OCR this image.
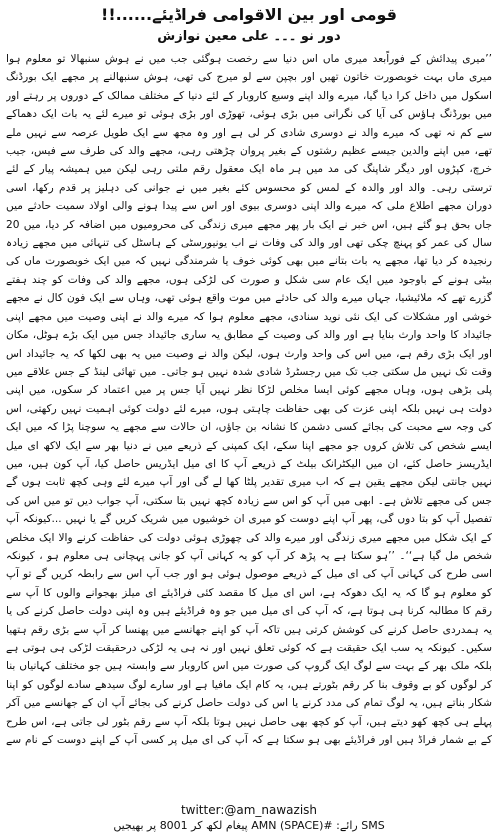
قومی اور بین الاقوامی فراڈیئے......!!
دور نو ۔۔۔ علی معین نوازش

’’میری پیدائش کے فوراًبعد میری ماں اس دنیا سے رخصت ہوگئی جب میں نے ہوش سنبھالا تو معلوم ہوا میری ماں بہت خوبصورت خاتون تھیں اور بچپن سے لو میرج کی تھی، ہوش سنبھالنے پر مجھے ایک بورڈنگ اسکول میں داخل کرا دیا گیا، میرے والد اپنے وسیع کاروبار کے لئے دنیا کے مختلف ممالک کے دوروں پر رہتے اور میں بورڈنگ ہاؤس کی آیا کی نگرانی میں بڑی ہوئی، تھوڑی اور بڑی ہوئی تو میرے لئے یہ بات ایک دھماکے سے کم نہ تھی کہ میرے والد نے دوسری شادی کر لی ہے اور وہ مجھ سے ایک طویل عرصہ سے نہیں ملے تھے، میں اپنے والدین جیسے عظیم رشتوں کے بغیر پروان چڑھتی رہی، مجھے والد کی طرف سے فیس، جیب خرچ، کپڑوں اور دیگر شاپنگ کی مد میں ہر ماہ ایک معقول رقم ملتی رہی لیکن میں ہمیشہ پیار کے لئے ترستی رہی۔ والد اور والدہ کے لمس کو محسوس کئے بغیر میں نے جوانی کی دہلیز پر قدم رکھا، اسی دوران مجھے اطلاع ملی کہ میرے والد اپنی دوسری بیوی اور اس سے پیدا ہونے والی اولاد سمیت حادثے میں جاں بحق ہو گئے ہیں، اس خبر نے ایک بار پھر مجھے میری زندگی کی محرومیوں میں اضافہ کر دیا، میں 20 سال کی عمر کو پہنچ چکی تھی اور والد کی وفات نے اب یونیورسٹی کے ہاسٹل کی تنہائی میں مجھے زیادہ رنجیدہ کر دیا تھا، مجھے یہ بات بتانے میں بھی کوئی خوف یا شرمندگی نہیں کہ میں ایک خوبصورت ماں کی بیٹی ہونے کے باوجود میں ایک عام سی شکل و صورت کی لڑکی ہوں، مجھے والد کی وفات کو چند ہفتے گزرے تھے کہ ملائیشیا، جہاں میرے والد کی حادثے میں موت واقع ہوئی تھی، وہاں سے ایک فون کال نے مجھے خوشی اور مشکلات کی ایک نئی نوید سنادی، مجھے معلوم ہوا کہ میرے والد نے اپنی وصیت میں مجھے اپنی جائیداد کا واحد وارث بنایا ہے اور والد کی وصیت کے مطابق یہ ساری جائیداد جس میں ایک بڑے ہوٹل، مکان اور ایک بڑی رقم ہے، میں اس کی واحد وارث ہوں، لیکن والد نے وصیت میں یہ بھی لکھا کہ یہ جائیداد اس وقت تک نہیں مل سکتی جب تک میں رجسٹرڈ شادی شدہ نہیں ہو جاتی۔ میں تھائی لینڈ کے جس علاقے میں پلی بڑھی ہوں، وہاں مجھے کوئی ایسا مخلص لڑکا نظر نہیں آیا جس پر میں اعتماد کر سکوں، میں اپنی دولت ہی نہیں بلکہ اپنی عزت کی بھی حفاظت چاہتی ہوں، میرے لئے دولت کوئی اہمیت نہیں رکھتی، اس کی وجہ سے محبت کی بجائے کسی دشمن کا نشانہ بن جاؤں، ان حالات سے مجھے یہ سوچنا پڑا کہ میں ایک ایسے شخص کی تلاش کروں جو مجھے اپنا سکے، ایک کمپنی کے ذریعے میں نے دنیا بھر سے ایک لاکھ ای میل ایڈریسز حاصل کئے، ان میں الیکٹرانک بیلٹ کے ذریعے آپ کا ای میل ایڈریس حاصل کیا، آپ کون ہیں، میں نہیں جانتی لیکن مجھے یقین ہے کہ اب میری تقدیر پلٹا کھا لے گی اور آپ میرے لئے وہی کچھ ثابت ہوں گے جس کی مجھے تلاش ہے۔ ابھی میں آپ کو اس سے زیادہ کچھ نہیں بتا سکتی، آپ جواب دیں تو میں اس کی تفصیل آپ کو بتا دوں گی، پھر آپ اپنے دوست کو میری ان خوشیوں میں شریک کریں گے یا نہیں ...کیونکہ آپ کے ایک شکل میں مجھے میری زندگی اور میرے والد کی چھوڑی ہوئی دولت کی حفاظت کرنے والا ایک مخلص شخص مل گیا ہے‘‘۔ ’’ہو سکتا ہے یہ پڑھ کر آپ کو یہ کہانی آپ کو جانی پہچانی ہی معلوم ہو ، کیونکہ اسی طرح کی کہانی آپ کی ای میل کے ذریعے موصول ہوئی ہو اور جب آپ اس سے رابطہ کریں گے تو آپ کو معلوم ہو گا کہ یہ ایک دھوکہ ہے، اس ای میل کا مقصد کئی فراڈیئے ای میلز بھجوانے والوں کا آپ سے رقم کا مطالبہ کرنا ہی ہوتا ہے، کہ آپ کی ای میل میں جو وہ فراڈیئے ہیں وہ اپنی دولت حاصل کرنے کی یا یہ ہمدردی حاصل کرنے کی کوشش کرتی ہیں تاکہ آپ کو اپنے جھانسے میں پھنسا کر آپ سے بڑی رقم ہتھیا سکیں۔ کیونکہ یہ سب ایک حقیقت ہے کہ کوئی تعلق نہیں اور نہ ہی یہ لڑکی درحقیقت لڑکی ہی ہوتی ہے بلکہ ملک بھر کے بہت سے لوگ ایک گروپ کی صورت میں اس کاروبار سے وابستہ ہیں جو مختلف کہانیاں بنا کر لوگوں کو بے وقوف بنا کر رقم بٹورتے ہیں، یہ کام ایک مافیا ہے اور سارے لوگ سیدھے سادے لوگوں کو اپنا شکار بناتے ہیں، یہ لوگ تمام کی مدد کرنے یا اس کی دولت حاصل کرنے کی بجائے آپ ان کے جھانسے میں آکر پہلے ہی کچھ کھو دیتے ہیں، آپ کو کچھ بھی حاصل نہیں ہوتا بلکہ آپ سے رقم بٹور لی جاتی ہے، اس طرح کے بے شمار فراڈ ہیں اور فراڈیئے بھی ہو سکتا ہے کہ آپ کی ای میل پر کسی آپ کے اپنے دوست کے نام سے

twitter:@am_nawazish
SMS رائے: #AMN (SPACE) پیغام لکھ کر 8001 پر بھیجیں
